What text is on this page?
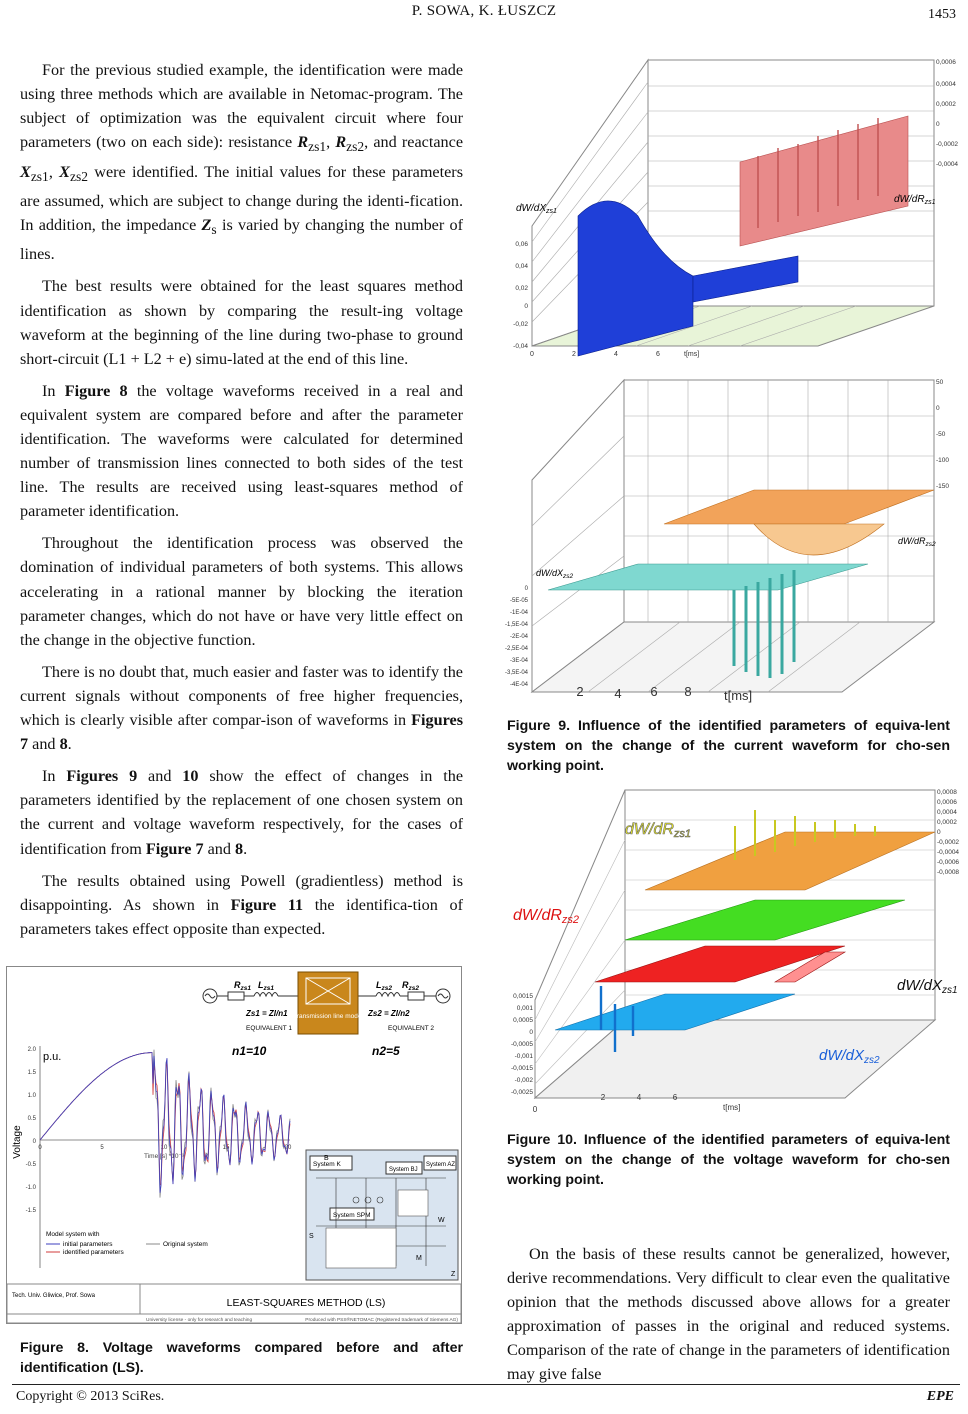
P. SOWA, K. ŁUSZCZ	1453

For the previous studied example, the identification were made using three methods which are available in Netomac-program. The subject of optimization was the equivalent circuit where four parameters (two on each side): resistance $R_{zs1}$, $R_{zs2}$, and reactance $X_{zs1}$, $X_{zs2}$ were identified. The initial values for these parameters are assumed, which are subject to change during the identi-fication. In addition, the impedance $Z_s$ is varied by changing the number of lines.

The best results were obtained for the least squares method identification as shown by comparing the result-ing voltage waveform at the beginning of the line during two-phase to ground short-circuit (L1 + L2 + e) simu-lated at the end of this line.

In Figure 8 the voltage waveforms received in a real and equivalent system are compared before and after the parameter identification. The waveforms were calculated for determined number of transmission lines connected to both sides of the test line. The results are received using least-squares method of parameter identification.

Throughout the identification process was observed the domination of individual parameters of both systems. This allows accelerating in a rational manner by blocking the iteration parameter changes, which do not have or have very little effect on the change in the objective function.

There is no doubt that, much easier and faster was to identify the current signals without components of free higher frequencies, which is clearly visible after compar-ison of waveforms in Figures 7 and 8.

In Figures 9 and 10 show the effect of changes in the parameters identified by the replacement of one chosen system on the current and voltage waveform respectively, for the cases of identification from Figure 7 and 8.

The results obtained using Powell (gradientless) method is disappointing. As shown in Figure 11 the identifica-tion of parameters takes effect opposite than expected.

Transmission line model
$R_{zs1}$ $L_{zs1}$	$L_{zs2}$ $R_{zs2}$
Zs1 = Zl/n1	Zs2 = Zl/n2
EQUIVALENT 1	EQUIVALENT 2
n1=10	n2=5
p.u.
Voltage
2.0
1.5
1.0
0.5
0
-0.5
-1.0
-1.5
0	5	10	15	20
Time [s] *10⁻³
System K
System BJ
System AZ
System SPM
B
S
M
Z
W
Model system with
initial parameters
identified parameters
Original system
Tech. Univ. Gliwice, Prof. Sowa
LEAST-SQUARES METHOD (LS)
University license - only for research and teaching	Produced with PSS®NETOMAC (Registered trademark of Siemens AG)
Figure 8. Voltage waveforms compared before and after identification (LS).
0,0006
0,0004
0,0002
0
-0,0002
-0,0004
0,06
0,04
0,02
0
-0,02
-0,04
$dW/dX_{zs1}$
$dW/dR_{zs1}$
0	2	4	6	t[ms]
50
0
-50
-100
-150
0
-5E-05
-1E-04
-1,5E-04
-2E-04
-2,5E-04
-3E-04
-3,5E-04
-4E-04
$dW/dX_{zs2}$
$dW/dR_{zs2}$
2 4 6 8 t[ms]
Figure 9. Influence of the identified parameters of equiva-lent system on the change of the current waveform for cho-sen working point.
0,0008
0,0006
0,0004
0,0002
0
-0,0002
-0,0004
-0,0006
-0,0008
0,0015
0,001
0,0005
0
-0,0005
-0,001
-0,0015
-0,002
-0,0025
dW/dRzs1
dW/dRzs2
$dW/dX_{zs1}$
$dW/dX_{zs2}$
0
2	4	6
t[ms]
Figure 10. Influence of the identified parameters of equiva-lent system on the change of the voltage waveform for cho-sen working point.

On the basis of these results cannot be generalized, however, derive recommendations. Very difficult to clear even the qualitative opinion that the methods discussed above allows for a greater approximation of passes in the original and reduced systems. Comparison of the rate of change in the parameters of identification may give false

Copyright © 2013 SciRes.	EPE
